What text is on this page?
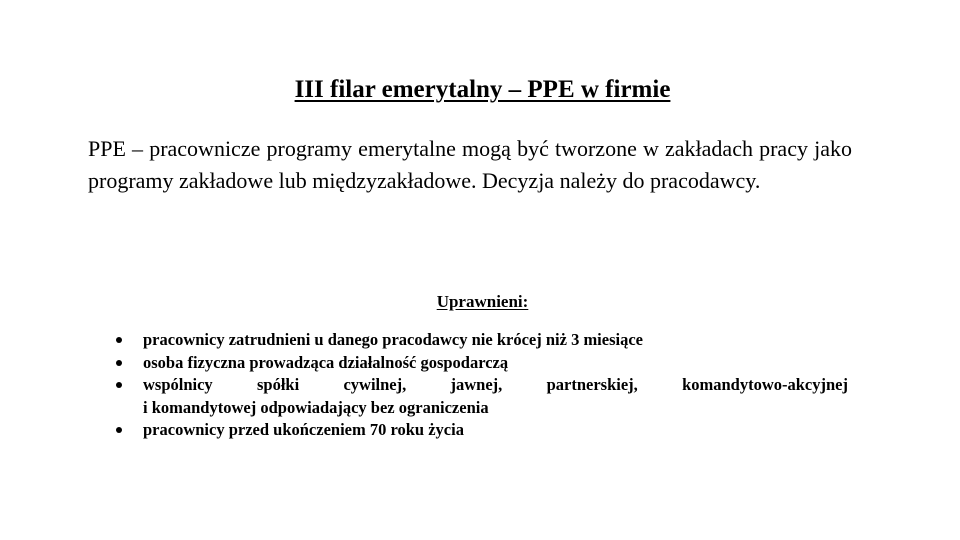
III filar emerytalny – PPE w firmie

PPE – pracownicze programy emerytalne mogą być tworzone w zakładach pracy jako programy zakładowe lub międzyzakładowe. Decyzja należy do pracodawcy.

Uprawnieni:

pracownicy zatrudnieni u danego pracodawcy nie krócej niż 3 miesiące
osoba fizyczna prowadząca działalność gospodarczą
wspólnicy spółki cywilnej, jawnej, partnerskiej, komandytowo-akcyjnej
i komandytowej odpowiadający bez ograniczenia
pracownicy przed ukończeniem 70 roku życia
